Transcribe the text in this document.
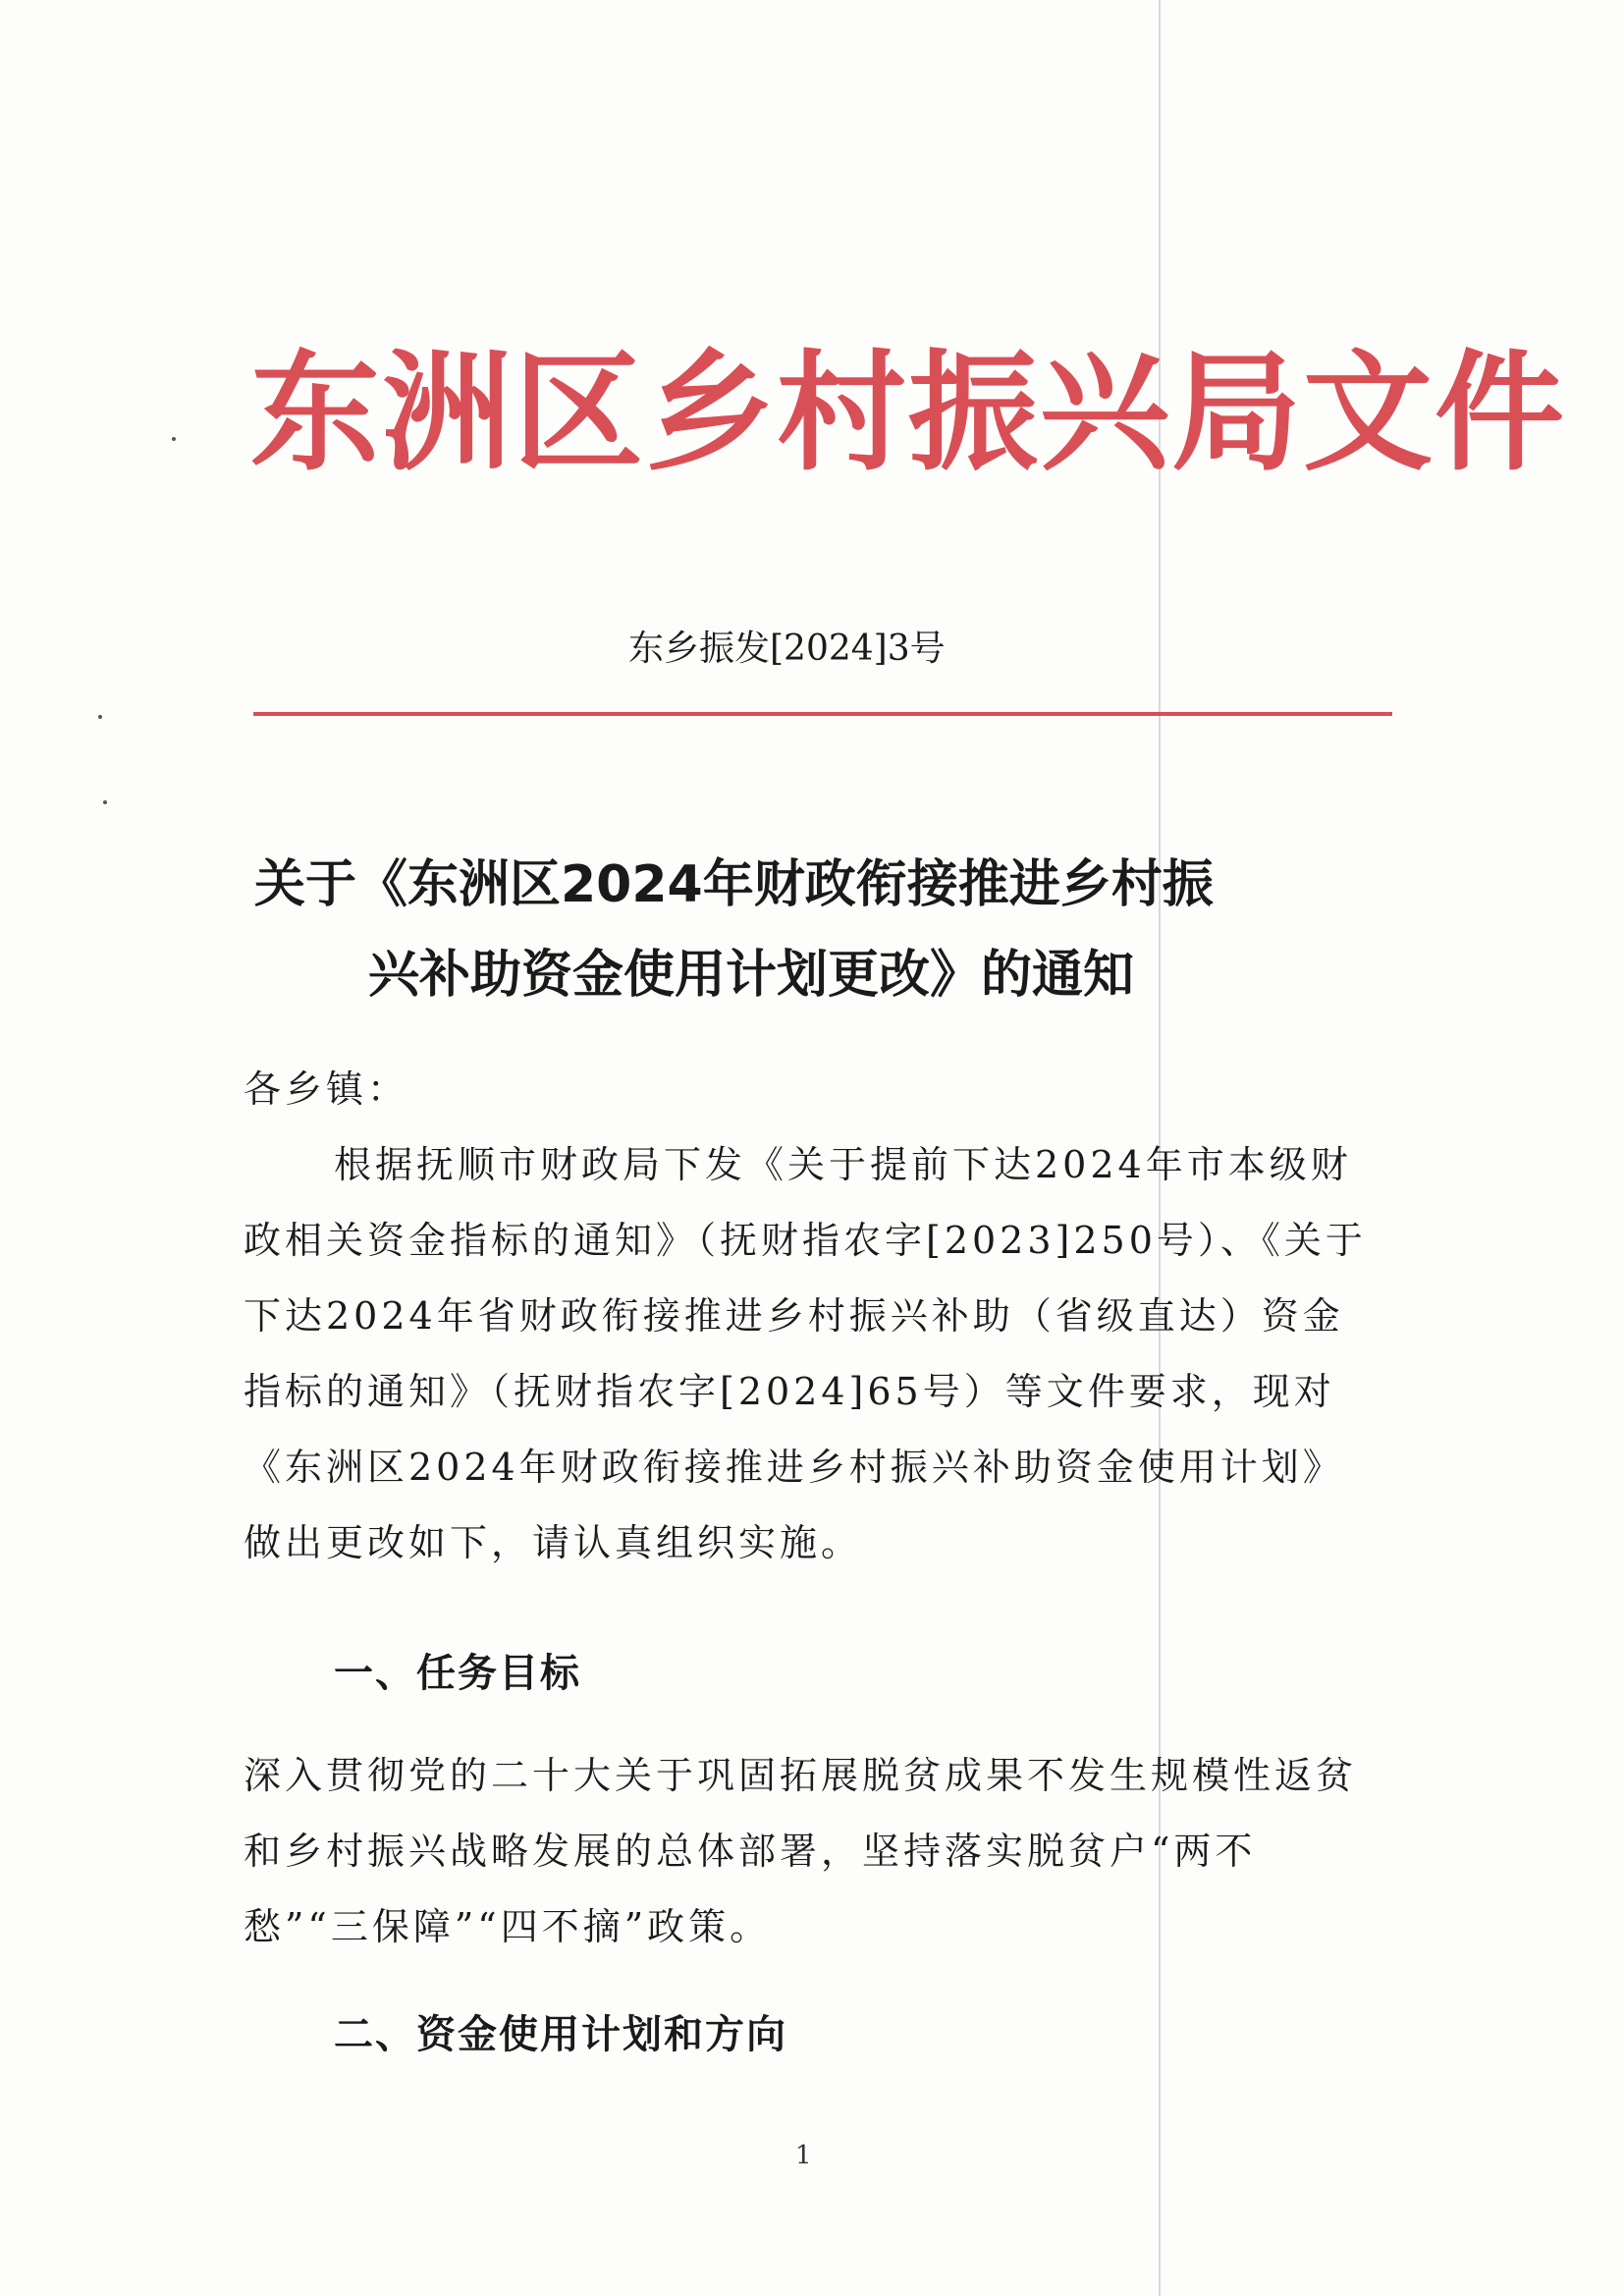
东洲区乡村振兴局文件
东乡振发[2024]3号
关于《东洲区2024年财政衔接推进乡村振
兴补助资金使用计划更改》的通知
各乡镇：
根据抚顺市财政局下发《关于提前下达2024年市本级财政相关资金指标的通知》（抚财指农字[2023]250号）、《关于下达2024年省财政衔接推进乡村振兴补助（省级直达）资金指标的通知》（抚财指农字[2024]65号）等文件要求，现对《东洲区2024年财政衔接推进乡村振兴补助资金使用计划》做出更改如下，请认真组织实施。
一、任务目标
深入贯彻党的二十大关于巩固拓展脱贫成果不发生规模性返贫和乡村振兴战略发展的总体部署，坚持落实脱贫户“两不愁”“三保障”“四不摘”政策。
二、资金使用计划和方向
1
